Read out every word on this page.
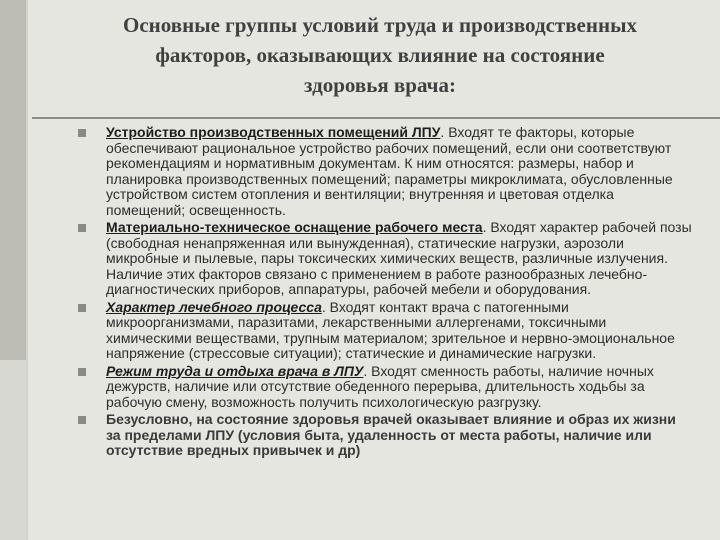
Основные группы условий труда и производственных
факторов, оказывающих влияние на состояние
здоровья врача:
Устройство производственных помещений ЛПУ. Входят те факторы, которые обеспечивают рациональное устройство рабочих помещений, если они соответствуют рекомендациям и нормативным документам. К ним относятся: размеры, набор и планировка производственных помещений; параметры микроклимата, обусловленные устройством систем отопления и вентиляции; внутренняя и цветовая отделка помещений; освещенность.
Материально-техническое оснащение рабочего места. Входят характер рабочей позы (свободная ненапряженная или вынужденная), статические нагрузки, аэрозоли микробные и пылевые, пары токсических химических веществ, различные излучения. Наличие этих факторов связано с применением в работе разнообразных лечебно-диагностических приборов, аппаратуры, рабочей мебели и оборудования.
Характер лечебного процесса. Входят контакт врача с патогенными микроорганизмами, паразитами, лекарственными аллергенами, токсичными химическими веществами, трупным материалом; зрительное и нервно-эмоциональное напряжение (стрессовые ситуации); статические и динамические нагрузки.
Режим труда и отдыха врача в ЛПУ. Входят сменность работы, наличие ночных дежурств, наличие или отсутствие обеденного перерыва, длительность ходьбы за рабочую смену, возможность получить психологическую разгрузку.
Безусловно, на состояние здоровья врачей оказывает влияние и образ их жизни за пределами ЛПУ (условия быта, удаленность от места работы, наличие или отсутствие вредных привычек и др)
